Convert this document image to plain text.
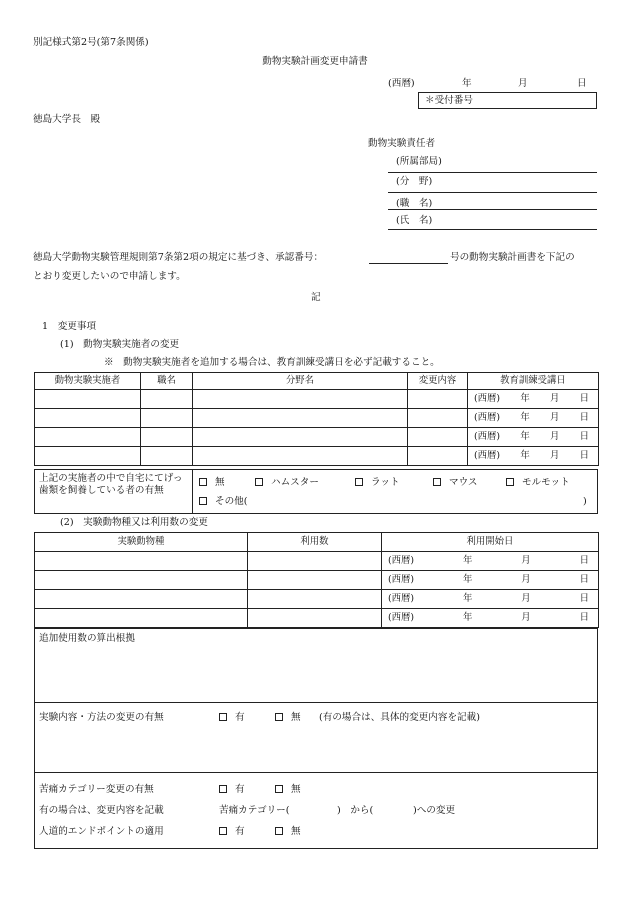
別記様式第2号(第7条関係)
動物実験計画変更申請書
(西暦)	年	月	日
＊受付番号
徳島大学長　殿
動物実験責任者
(所属部局)
(分　野)
(職　名)
(氏　名)
徳島大学動物実験管理規則第7条第2項の規定に基づき、承認番号：	号の動物実験計画書を下記の
とおり変更したいので申請します。
記
1　変更事項
(1)　動物実験実施者の変更
※　動物実験実施者を追加する場合は、教育訓練受講日を必ず記載すること。
動物実験実施者	職名	分野名	変更内容	教育訓練受講日

				(西暦) 年 月 日

				(西暦) 年 月 日

				(西暦) 年 月 日

				(西暦) 年 月 日
上記の実施者の中で自宅にてげっ歯類を飼養している者の有無
無	ハムスター	ラット	マウス	モルモット
その他(	)
(2)　実験動物種又は利用数の変更
実験動物種	利用数	利用開始日

		(西暦) 年 月 日

		(西暦) 年 月 日

		(西暦) 年 月 日

		(西暦) 年 月 日
追加使用数の算出根拠
実験内容・方法の変更の有無	有	無 (有の場合は、具体的変更内容を記載)
苦痛カテゴリー変更の有無	有	無
有の場合は、変更内容を記載	苦痛カテゴリー(	)　から(	)への変更
人道的エンドポイントの適用	有	無
